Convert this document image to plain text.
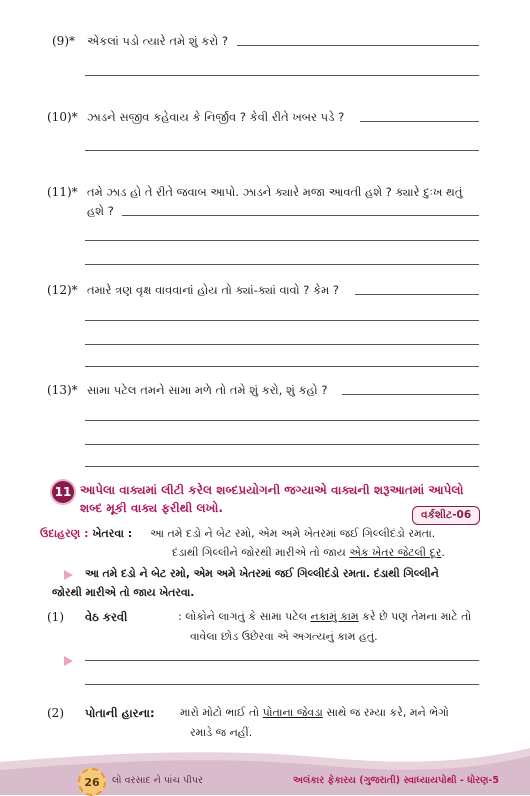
(9)* એકલાં પડો ત્યારે તમે શું કરો ?
(10)* ઝાડને સજીવ કહેવાય કે નિર્જીવ ? કેવી રીતે ખબર પડે ?
(11)* તમે ઝાડ હો તે રીતે જવાબ આપો. ઝાડને ક્યારે મજા આવતી હશે ? ક્યારે દુઃખ થતું
હશે ?
(12)* તમારે ત્રણ વૃક્ષ વાવવાનાં હોય તો ક્યાં-ક્યાં વાવો ? કેમ ?
(13)* સામા પટેલ તમને સામા મળે તો તમે શું કરો, શું કહો ?
11 આપેલા વાક્યમાં લીટી કરેલ શબ્દપ્રયોગની જગ્યાએ વાક્યની શરૂઆતમાં આપેલો
શબ્દ મૂકી વાક્ય ફરીથી લખો.	વર્કશીટ-06
ઉદાહરણ : ખેતરવા : આ તમે દડો ને બેટ રમો, એમ અમે ખેતરમાં જઈ ગિલ્લીદંડો રમતા.
દંડાથી ગિલ્લીને જોરથી મારીએ તો જાય એક ખેતર જેટલી દૂર.
આ તમે દડો ને બેટ રમો, એમ અમે ખેતરમાં જઈ ગિલ્લીદંડો રમતા. દંડાથી ગિલ્લીને
જોરથી મારીએ તો જાય ખેતરવા.
(1) વેઠ કરવી	: લોકોને લાગતું કે સામા પટેલ નકામું કામ કરે છે પણ તેમના માટે તો
વાવેલા છોડ ઉછેરવા એ અગત્યનું કામ હતું.
(2) પોતાની હારના: મારો મોટો ભાઈ તો પોતાના જેવડા સાથે જ રમ્યા કરે, મને ભેગો
રમાડે જ નહીં.
26	લો વરસાદ ને પાંચ પીપર	અલંકાર ફેકારય (ગુજરાતી) સ્વાધ્યાયપોથી - ધોરણ-5
